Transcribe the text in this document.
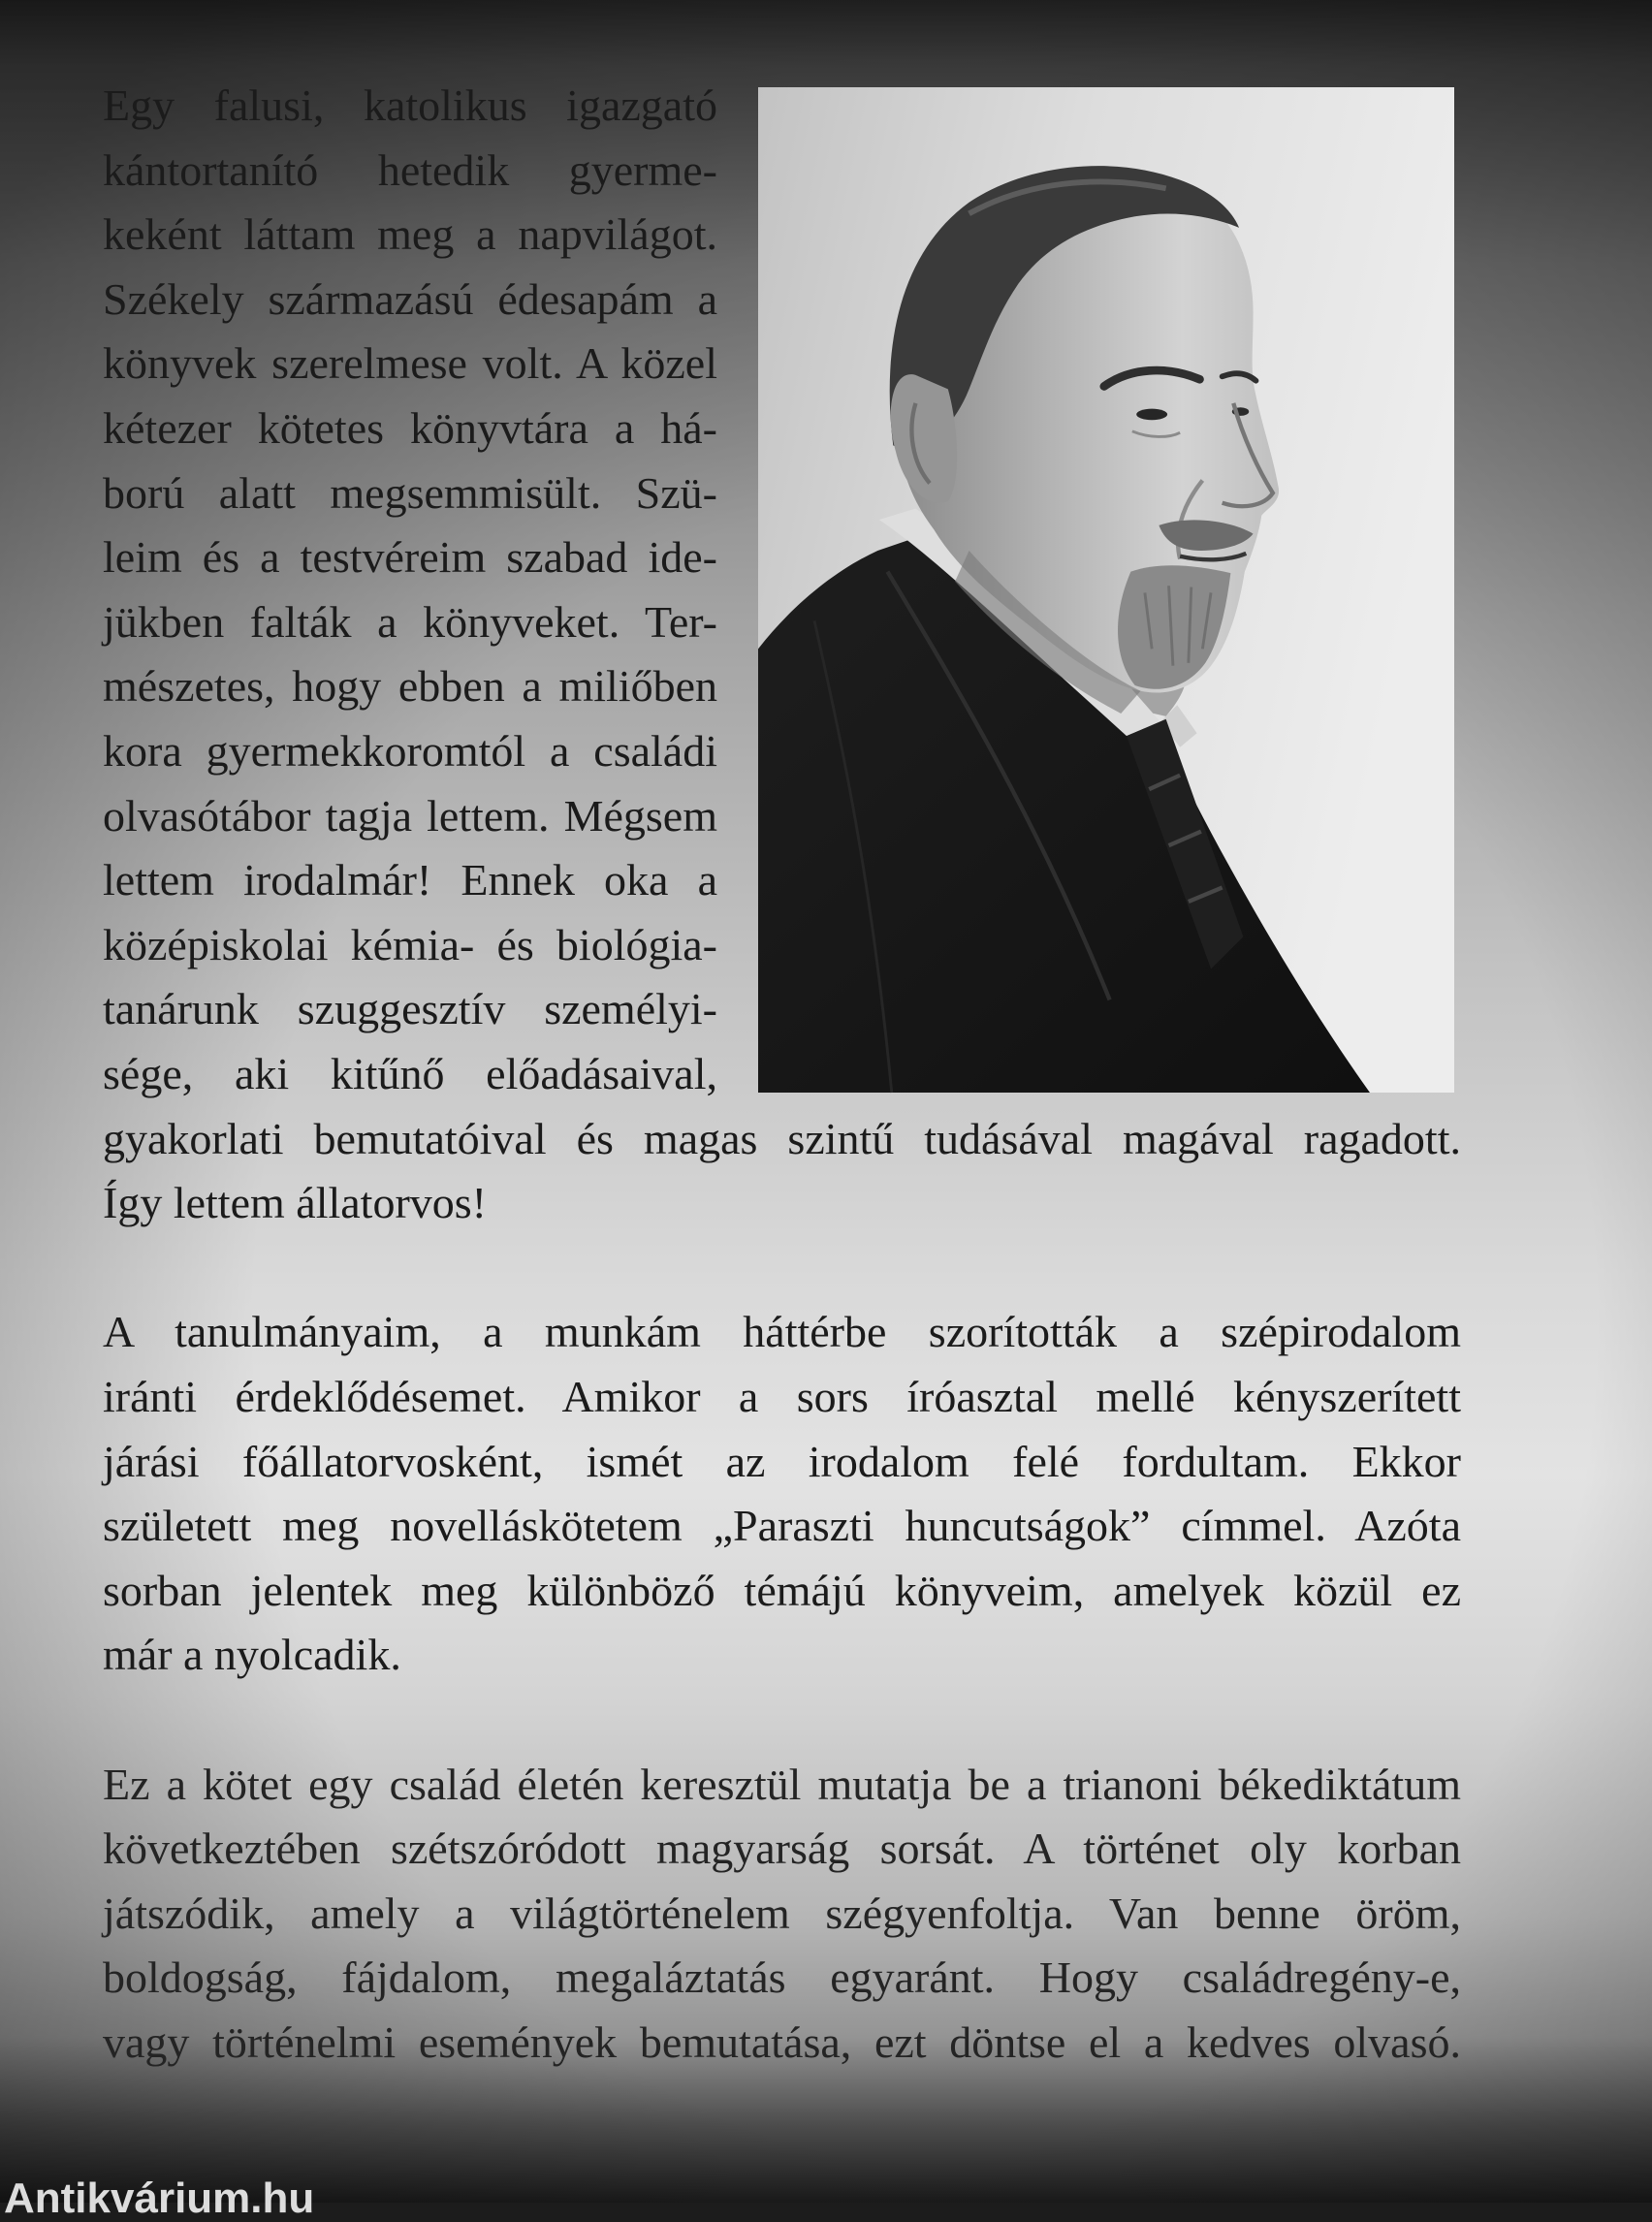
Egy falusi, katolikus igazgató
kántortanító hetedik gyerme-
keként láttam meg a napvilágot.
Székely származású édesapám a
könyvek szerelmese volt. A közel
kétezer kötetes könyvtára a há-
ború alatt megsemmisült. Szü-
leim és a testvéreim szabad ide-
jükben falták a könyveket. Ter-
mészetes, hogy ebben a miliőben
kora gyermekkoromtól a családi
olvasótábor tagja lettem. Mégsem
lettem irodalmár! Ennek oka a
középiskolai kémia- és biológia-
tanárunk szuggesztív személyi-
sége, aki kitűnő előadásaival,
gyakorlati bemutatóival és magas szintű tudásával magával ragadott.
Így lettem állatorvos!
A tanulmányaim, a munkám háttérbe szorították a szépirodalom
iránti érdeklődésemet. Amikor a sors íróasztal mellé kényszerített
járási főállatorvosként, ismét az irodalom felé fordultam. Ekkor
született meg novelláskötetem „Paraszti huncutságok” címmel. Azóta
sorban jelentek meg különböző témájú könyveim, amelyek közül ez
már a nyolcadik.
Ez a kötet egy család életén keresztül mutatja be a trianoni békediktátum
következtében szétszóródott magyarság sorsát. A történet oly korban
játszódik, amely a világtörténelem szégyenfoltja. Van benne öröm,
boldogság, fájdalom, megaláztatás egyaránt. Hogy családregény-e,
vagy történelmi események bemutatása, ezt döntse el a kedves olvasó.
Antikvárium.hu
